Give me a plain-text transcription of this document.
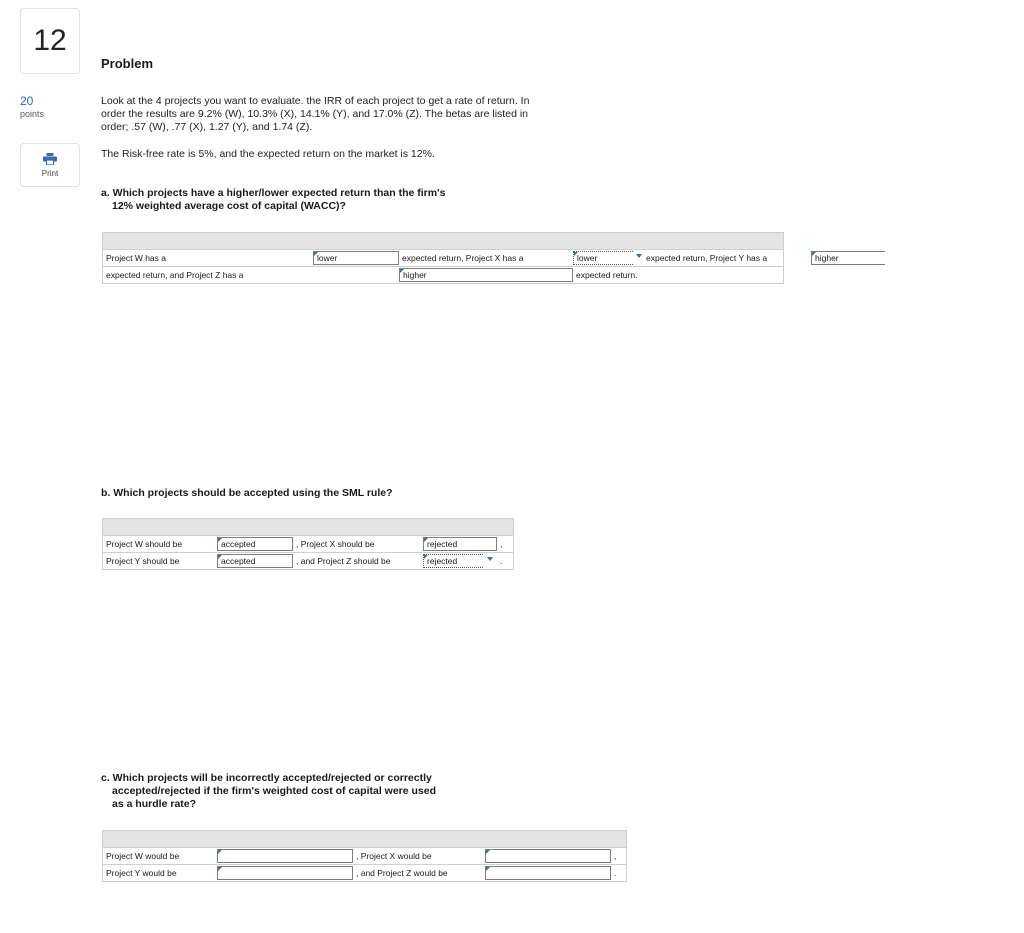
12
20
points
Print
Problem
Look at the 4 projects you want to evaluate. the IRR of each project to get a rate of return. In
order the results are 9.2% (W), 10.3% (X), 14.1% (Y), and 17.0% (Z). The betas are listed in
order; .57 (W), .77 (X), 1.27 (Y), and 1.74 (Z).
The Risk-free rate is 5%, and the expected return on the market is 12%.
a. Which projects have a higher/lower expected return than the firm's
12% weighted average cost of capital (WACC)?
Project W has a	lower	expected return, Project X has a	lower	expected return, Project Y has a	higher
expected return, and Project Z has a	higher	expected return.
b. Which projects should be accepted using the SML rule?
Project W should be	accepted	, Project X should be	rejected	,
Project Y should be	accepted	, and Project Z should be	rejected	.
c. Which projects will be incorrectly accepted/rejected or correctly
accepted/rejected if the firm's weighted cost of capital were used
as a hurdle rate?
Project W would be	, Project X would be	,
Project Y would be	, and Project Z would be	.
